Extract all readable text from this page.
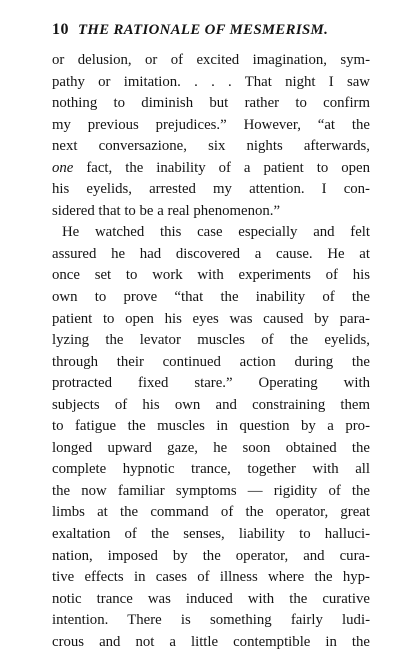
10 THE RATIONALE OF MESMERISM.
or delusion, or of excited imagination, sym-
pathy or imitation. . . . That night I saw
nothing to diminish but rather to confirm
my previous prejudices.” However, “at the
next conversazione, six nights afterwards,
one fact, the inability of a patient to open
his eyelids, arrested my attention. I con-
sidered that to be a real phenomenon.”
He watched this case especially and felt
assured he had discovered a cause. He at
once set to work with experiments of his
own to prove “that the inability of the
patient to open his eyes was caused by para-
lyzing the levator muscles of the eyelids,
through their continued action during the
protracted fixed stare.” Operating with
subjects of his own and constraining them
to fatigue the muscles in question by a pro-
longed upward gaze, he soon obtained the
complete hypnotic trance, together with all
the now familiar symptoms — rigidity of the
limbs at the command of the operator, great
exaltation of the senses, liability to halluci-
nation, imposed by the operator, and cura-
tive effects in cases of illness where the hyp-
notic trance was induced with the curative
intention. There is something fairly ludi-
crous and not a little contemptible in the
